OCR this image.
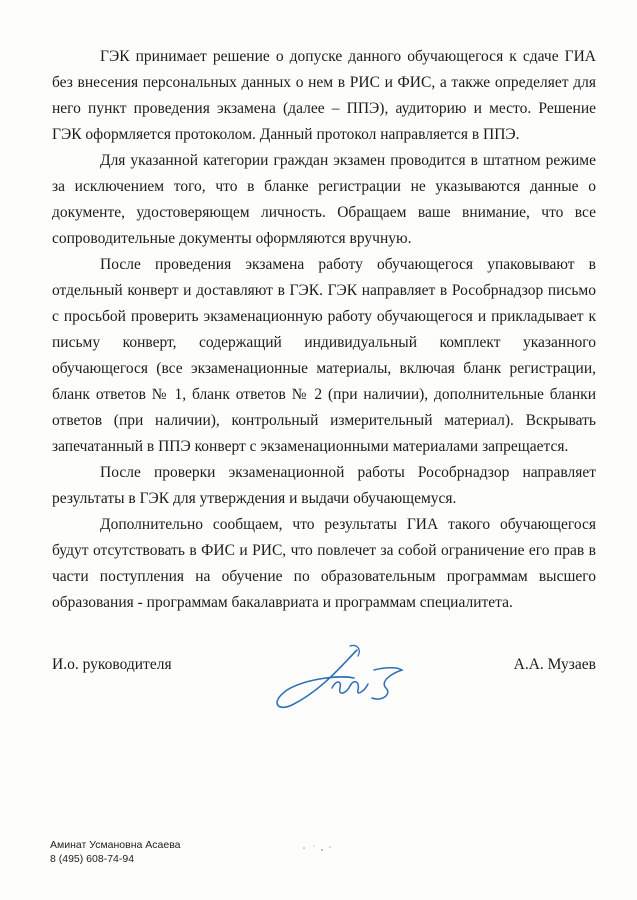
ГЭК принимает решение о допуске данного обучающегося к сдаче ГИА без внесения персональных данных о нем в РИС и ФИС, а также определяет для него пункт проведения экзамена (далее – ППЭ), аудиторию и место. Решение ГЭК оформляется протоколом. Данный протокол направляется в ППЭ.

Для указанной категории граждан экзамен проводится в штатном режиме за исключением того, что в бланке регистрации не указываются данные о документе, удостоверяющем личность. Обращаем ваше внимание, что все сопроводительные документы оформляются вручную.

После проведения экзамена работу обучающегося упаковывают в отдельный конверт и доставляют в ГЭК. ГЭК направляет в Рособрнадзор письмо с просьбой проверить экзаменационную работу обучающегося и прикладывает к письму конверт, содержащий индивидуальный комплект указанного обучающегося (все экзаменационные материалы, включая бланк регистрации, бланк ответов № 1, бланк ответов № 2 (при наличии), дополнительные бланки ответов (при наличии), контрольный измерительный материал). Вскрывать запечатанный в ППЭ конверт с экзаменационными материалами запрещается.

После проверки экзаменационной работы Рособрнадзор направляет результаты в ГЭК для утверждения и выдачи обучающемуся.

Дополнительно сообщаем, что результаты ГИА такого обучающегося будут отсутствовать в ФИС и РИС, что повлечет за собой ограничение его прав в части поступления на обучение по образовательным программам высшего образования - программам бакалавриата и программам специалитета.

И.о. руководителя	А.А. Музаев
Аминат Усмановна Асаева
8 (495) 608-74-94
